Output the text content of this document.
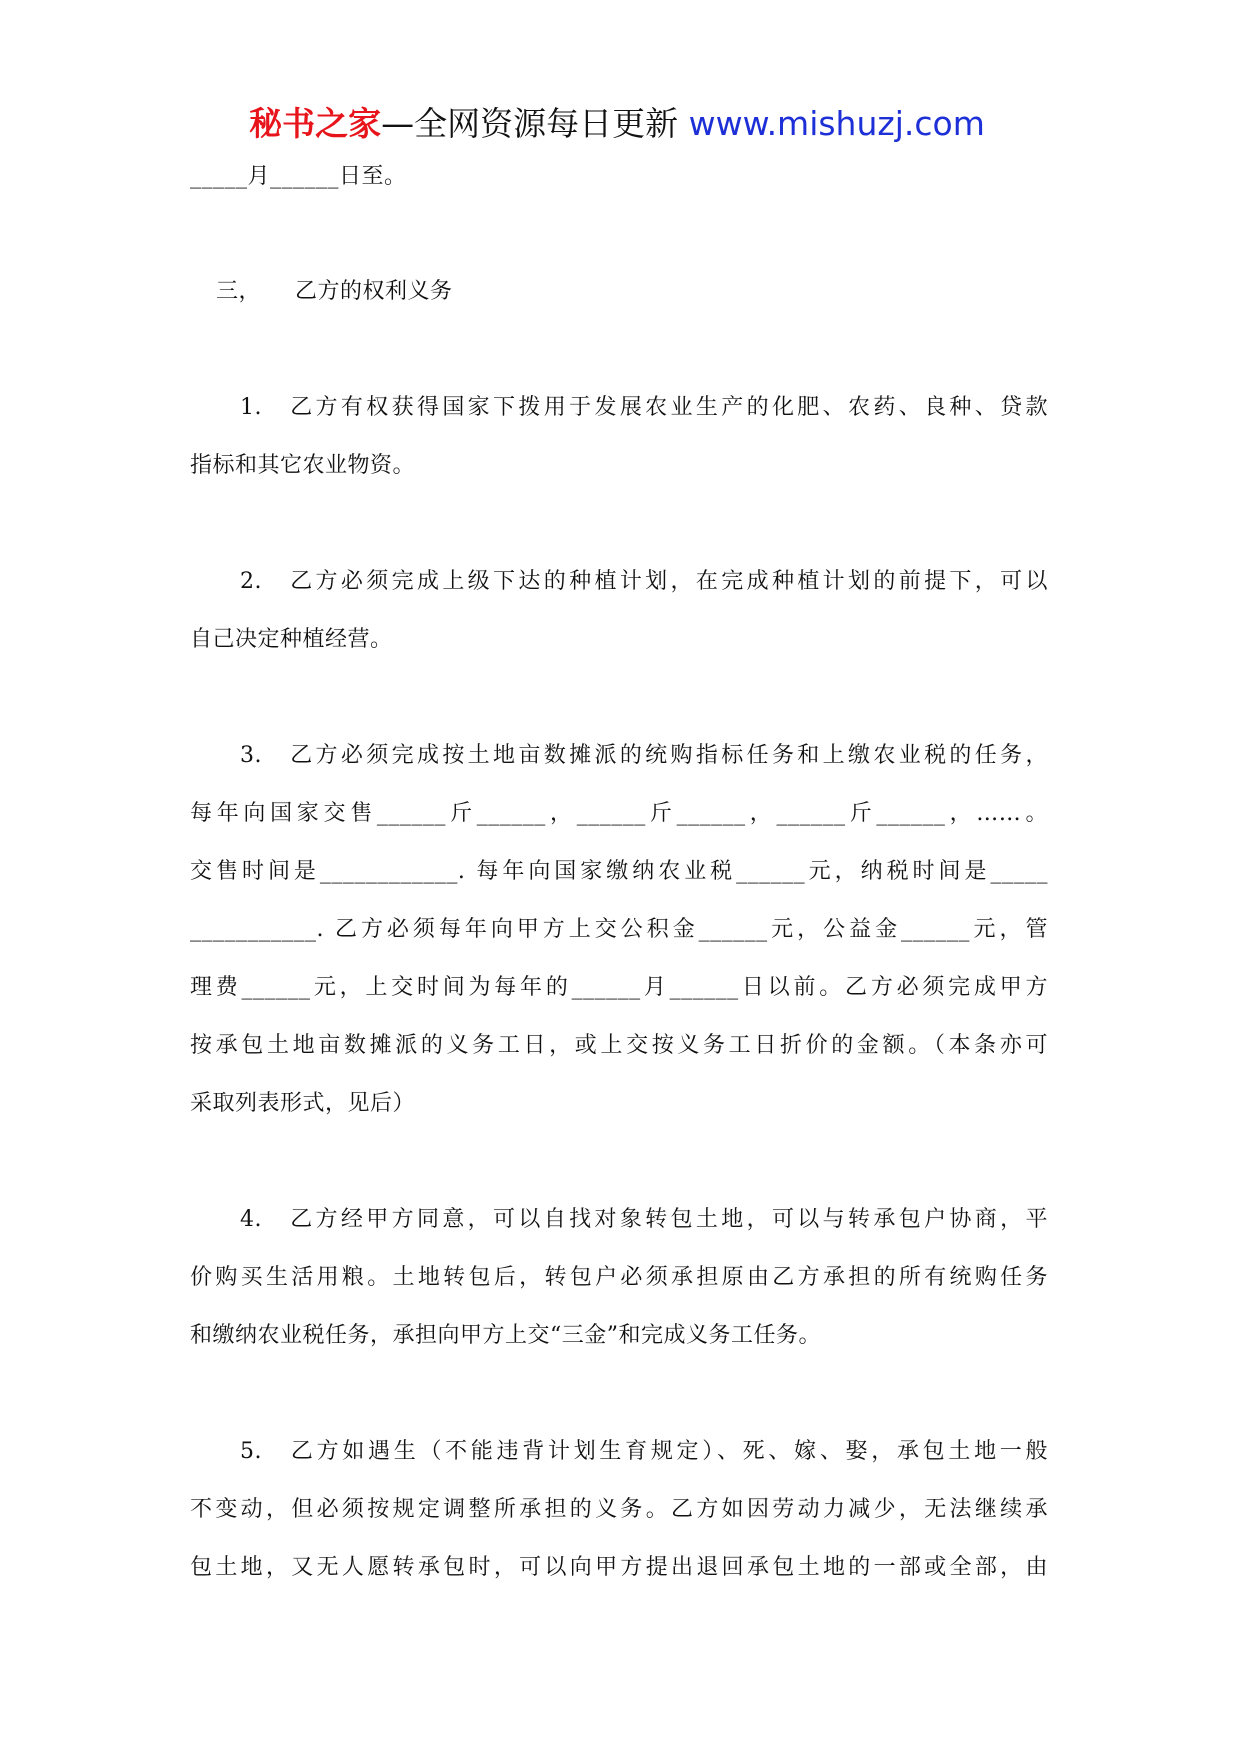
秘书之家—全网资源每日更新 www.mishuzj.com
_____月______日至。
三，　　乙方的权利义务
1.　乙方有权获得国家下拨用于发展农业生产的化肥、农药、良种、贷款
指标和其它农业物资。
2.　乙方必须完成上级下达的种植计划，在完成种植计划的前提下，可以
自己决定种植经营。
3.　乙方必须完成按土地亩数摊派的统购指标任务和上缴农业税的任务，
每年向国家交售______斤______，______斤______，______斤______，……。
交售时间是____________. 每年向国家缴纳农业税______元，纳税时间是_____
___________. 乙方必须每年向甲方上交公积金______元，公益金______元，管
理费______元，上交时间为每年的______月______日以前。乙方必须完成甲方
按承包土地亩数摊派的义务工日，或上交按义务工日折价的金额。（本条亦可
采取列表形式，见后）
4.　乙方经甲方同意，可以自找对象转包土地，可以与转承包户协商，平
价购买生活用粮。土地转包后，转包户必须承担原由乙方承担的所有统购任务
和缴纳农业税任务，承担向甲方上交“三金”和完成义务工任务。
5.　乙方如遇生（不能违背计划生育规定）、死、嫁、娶，承包土地一般
不变动，但必须按规定调整所承担的义务。乙方如因劳动力减少，无法继续承
包土地，又无人愿转承包时，可以向甲方提出退回承包土地的一部或全部，由
